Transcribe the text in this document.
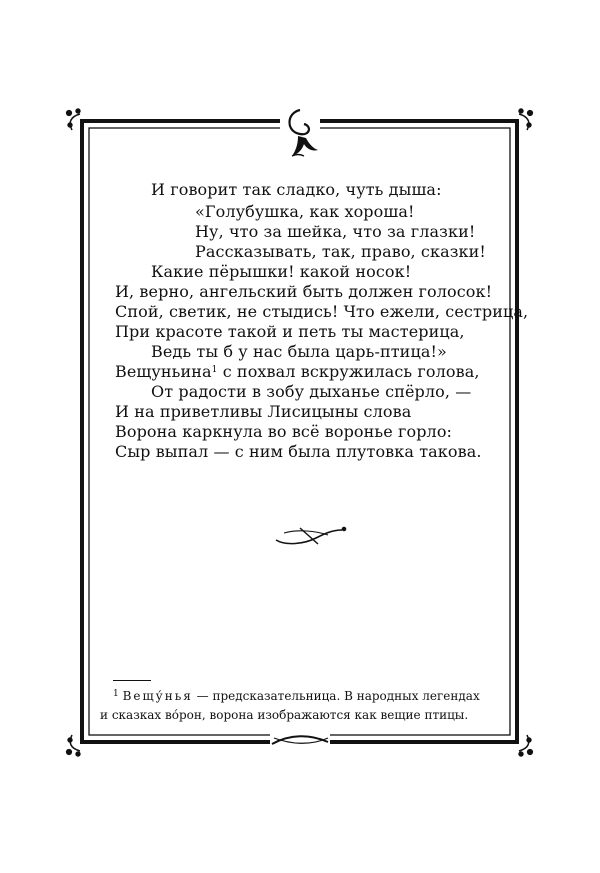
И говорит так сладко, чуть дыша:
«Голубушка, как хороша!
Ну, что за шейка, что за глазки!
Рассказывать, так, право, сказки!
Какие пёрышки! какой носок!
И, верно, ангельский быть должен голосок!
Спой, светик, не стыдись! Что ежели, сестрица,
При красоте такой и петь ты мастерица,
Ведь ты б у нас была царь-птица!»
Вещуньина$^1$ с похвал вскружилась голова,
От радости в зобу дыханье спёрло, —
И на приветливы Лисицыны слова
Ворона каркнула во всё воронье горло:
Сыр выпал — с ним была плутовка такова.
$^1$ Вещу́нья — предсказательница. В народных легендах
и сказках во́рон, ворона изображаются как вещие птицы.
